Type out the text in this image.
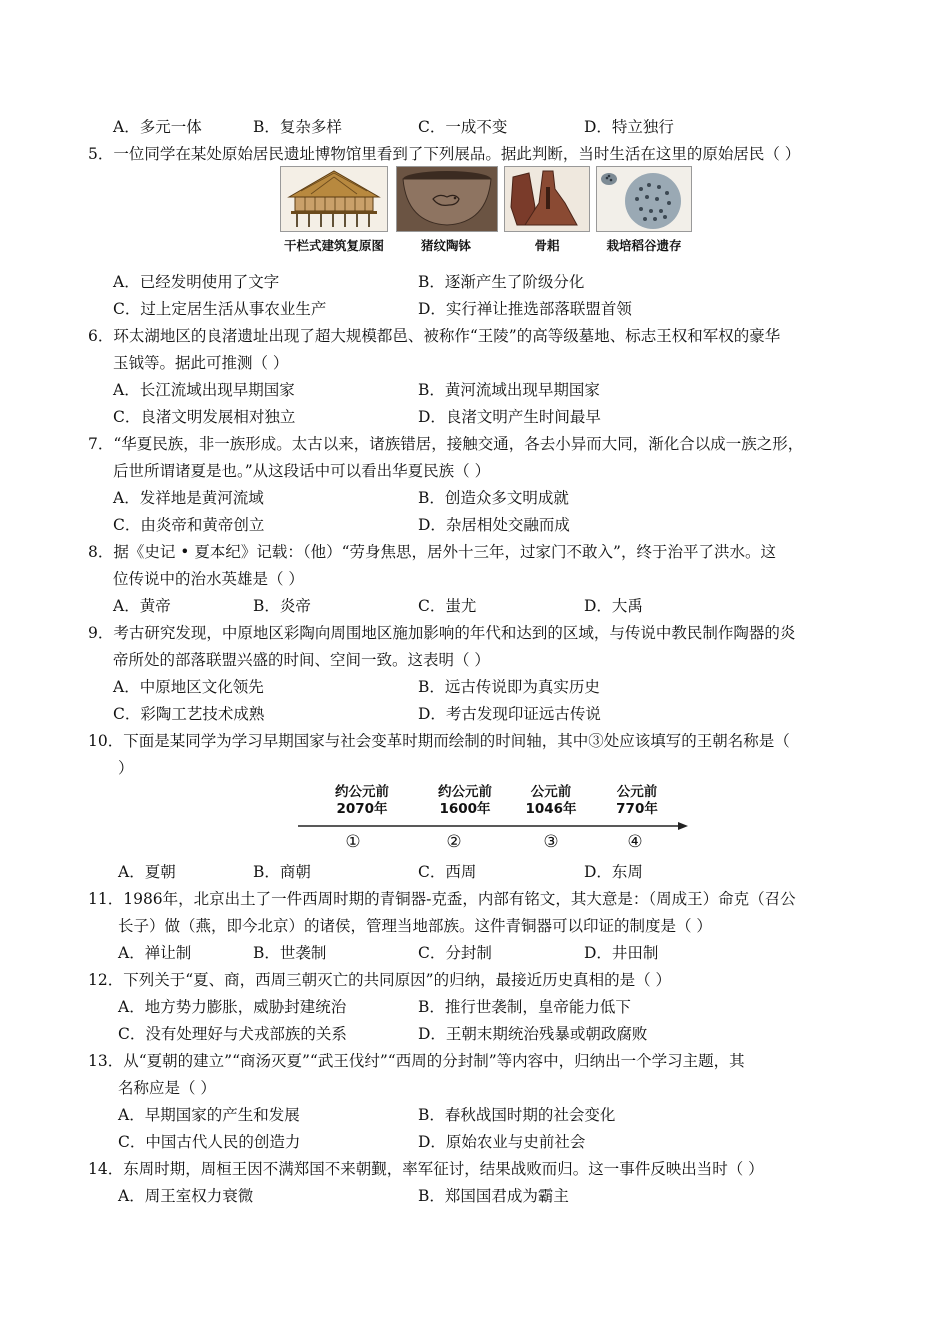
A．多元一体	B．复杂多样	C．一成不变	D．特立独行
5．一位同学在某处原始居民遗址博物馆里看到了下列展品。据此判断，当时生活在这里的原始居民（ ）
干栏式建筑复原图	猪纹陶钵	骨耜	栽培稻谷遗存
A．已经发明使用了文字	B．逐渐产生了阶级分化
C．过上定居生活从事农业生产	D．实行禅让推选部落联盟首领
6．环太湖地区的良渚遗址出现了超大规模都邑、被称作“王陵”的高等级墓地、标志王权和军权的豪华
玉钺等。据此可推测（ ）
A．长江流域出现早期国家	B．黄河流域出现早期国家
C．良渚文明发展相对独立	D．良渚文明产生时间最早
7．“华夏民族，非一族形成。太古以来，诸族错居，接触交通，各去小异而大同，渐化合以成一族之形，
后世所谓诸夏是也。”从这段话中可以看出华夏民族（ ）
A．发祥地是黄河流域	B．创造众多文明成就
C．由炎帝和黄帝创立	D．杂居相处交融而成
8．据《史记 • 夏本纪》记载：（他）“劳身焦思，居外十三年，过家门不敢入”，终于治平了洪水。这
位传说中的治水英雄是（ ）
A．黄帝	B．炎帝	C．蚩尤	D．大禹
9．考古研究发现，中原地区彩陶向周围地区施加影响的年代和达到的区域，与传说中教民制作陶器的炎
帝所处的部落联盟兴盛的时间、空间一致。这表明（ ）
A．中原地区文化领先	B．远古传说即为真实历史
C．彩陶工艺技术成熟	D．考古发现印证远古传说
10．下面是某同学为学习早期国家与社会变革时期而绘制的时间轴，其中③处应该填写的王朝名称是（
）
约公元前
2070年
约公元前
1600年
公元前
1046年
公元前
770年
①	②	③	④
A．夏朝	B．商朝	C．西周	D．东周
11．1986年，北京出土了一件西周时期的青铜器-克盉，内部有铭文，其大意是：（周成王）命克（召公
长子）做（燕，即今北京）的诸侯，管理当地部族。这件青铜器可以印证的制度是（ ）
A．禅让制	B．世袭制	C．分封制	D．井田制
12．下列关于“夏、商，西周三朝灭亡的共同原因”的归纳，最接近历史真相的是（ ）
A．地方势力膨胀，威胁封建统治	B．推行世袭制，皇帝能力低下
C．没有处理好与犬戎部族的关系	D．王朝末期统治残暴或朝政腐败
13．从“夏朝的建立”“商汤灭夏”“武王伐纣”“西周的分封制”等内容中，归纳出一个学习主题，其
名称应是（ ）
A．早期国家的产生和发展	B．春秋战国时期的社会变化
C．中国古代人民的创造力	D．原始农业与史前社会
14．东周时期，周桓王因不满郑国不来朝觐，率军征讨，结果战败而归。这一事件反映出当时（ ）
A．周王室权力衰微	B．郑国国君成为霸主
